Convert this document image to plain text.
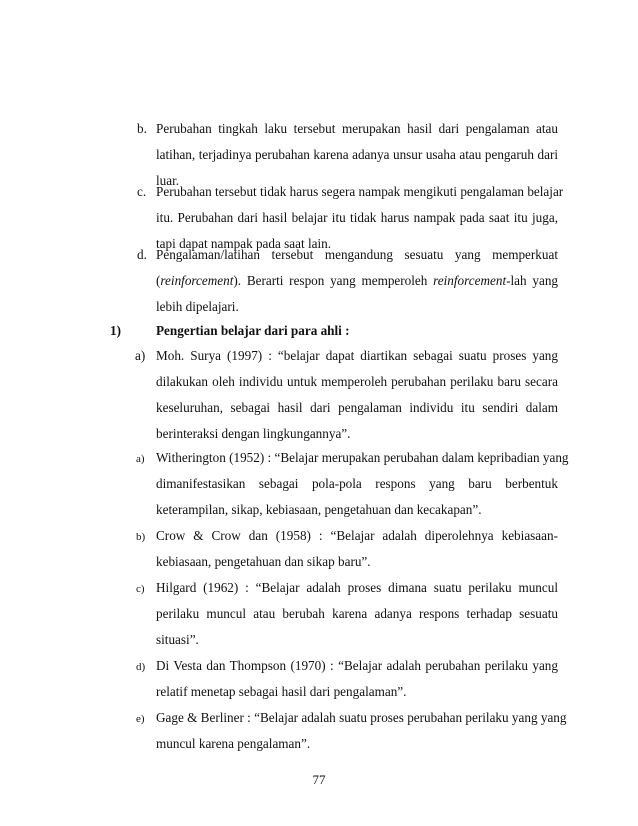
b. Perubahan tingkah laku tersebut merupakan hasil dari pengalaman atau
latihan, terjadinya perubahan karena adanya unsur usaha atau pengaruh dari
luar.
c. Perubahan tersebut tidak harus segera nampak mengikuti pengalaman belajar
itu. Perubahan dari hasil belajar itu tidak harus nampak pada saat itu juga,
tapi dapat nampak pada saat lain.
d. Pengalaman/latihan tersebut mengandung sesuatu yang memperkuat
(reinforcement). Berarti respon yang memperoleh reinforcement-lah yang
lebih dipelajari.
1)	Pengertian belajar dari para ahli :
a) Moh. Surya (1997) : “belajar dapat diartikan sebagai suatu proses yang
dilakukan oleh individu untuk memperoleh perubahan perilaku baru secara
keseluruhan, sebagai hasil dari pengalaman individu itu sendiri dalam
berinteraksi dengan lingkungannya”.
a) Witherington (1952) : “Belajar merupakan perubahan dalam kepribadian yang
dimanifestasikan sebagai pola-pola respons yang baru berbentuk
keterampilan, sikap, kebiasaan, pengetahuan dan kecakapan”.
b) Crow & Crow dan (1958) : “Belajar adalah diperolehnya kebiasaan-
kebiasaan, pengetahuan dan sikap baru”.
c) Hilgard (1962) : “Belajar adalah proses dimana suatu perilaku muncul
perilaku muncul atau berubah karena adanya respons terhadap sesuatu
situasi”.
d) Di Vesta dan Thompson (1970) : “Belajar adalah perubahan perilaku yang
relatif menetap sebagai hasil dari pengalaman”.
e) Gage & Berliner : “Belajar adalah suatu proses perubahan perilaku yang yang
muncul karena pengalaman”.
77
